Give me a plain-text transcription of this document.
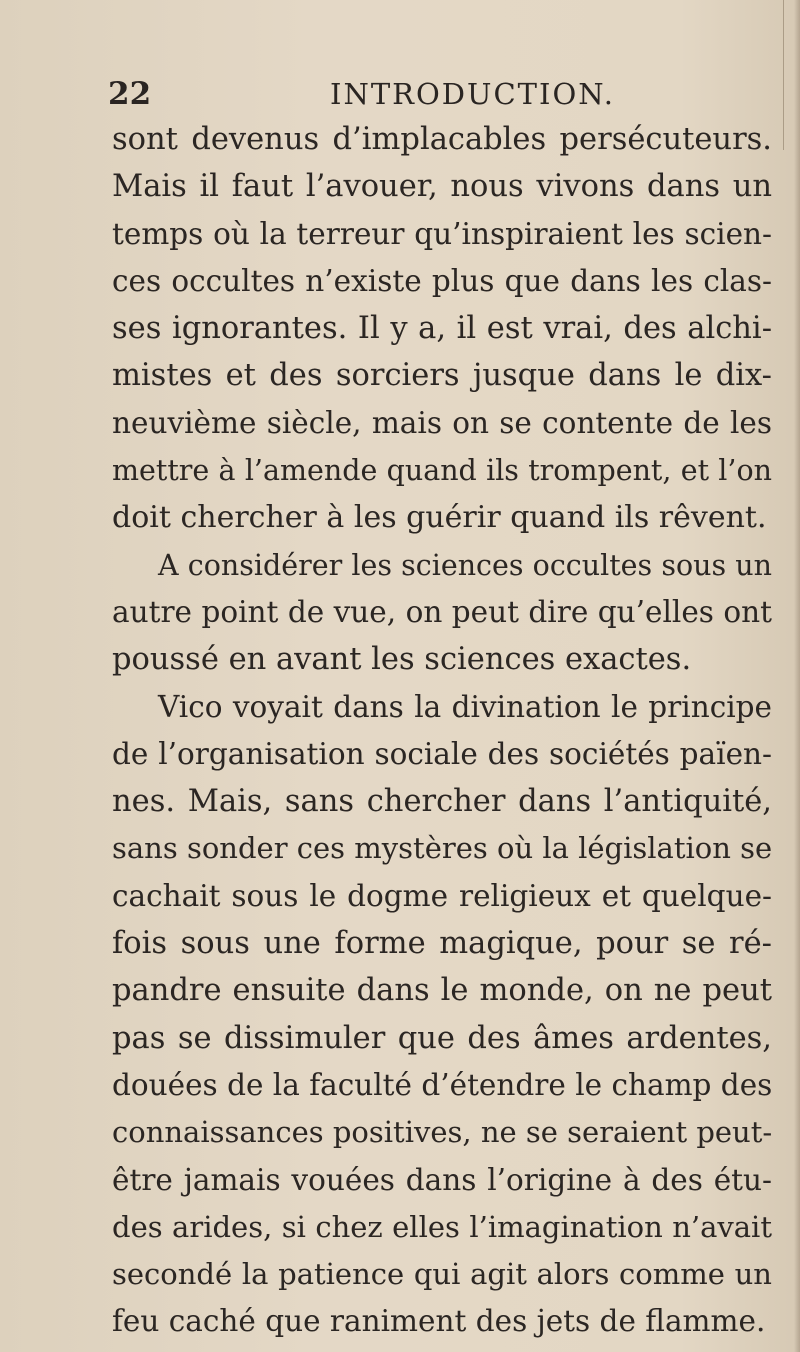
22	INTRODUCTION.
sont devenus d’implacables persécuteurs.
Mais il faut l’avouer, nous vivons dans un
temps où la terreur qu’inspiraient les scien-
ces occultes n’existe plus que dans les clas-
ses ignorantes. Il y a, il est vrai, des alchi-
mistes et des sorciers jusque dans le dix-
neuvième siècle, mais on se contente de les
mettre à l’amende quand ils trompent, et l’on
doit chercher à les guérir quand ils rêvent.
A considérer les sciences occultes sous un
autre point de vue, on peut dire qu’elles ont
poussé en avant les sciences exactes.
Vico voyait dans la divination le principe
de l’organisation sociale des sociétés païen-
nes. Mais, sans chercher dans l’antiquité,
sans sonder ces mystères où la législation se
cachait sous le dogme religieux et quelque-
fois sous une forme magique, pour se ré-
pandre ensuite dans le monde, on ne peut
pas se dissimuler que des âmes ardentes,
douées de la faculté d’étendre le champ des
connaissances positives, ne se seraient peut-
être jamais vouées dans l’origine à des étu-
des arides, si chez elles l’imagination n’avait
secondé la patience qui agit alors comme un
feu caché que raniment des jets de flamme.
